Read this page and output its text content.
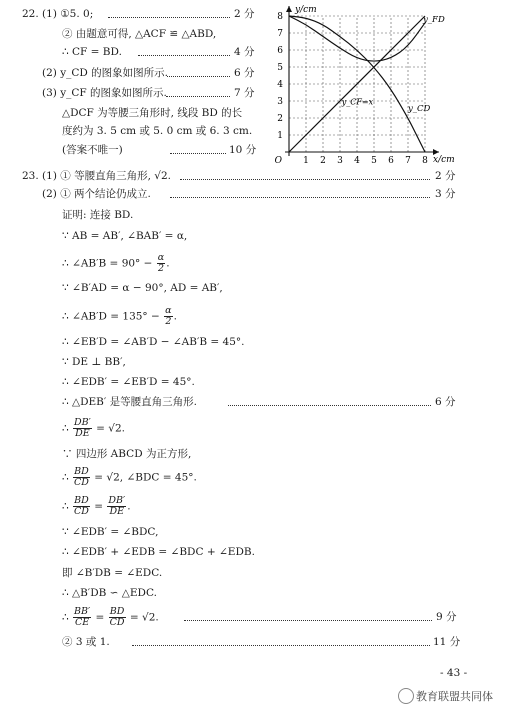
22. (1) ①5. 0;	2 分
② 由题意可得, △ACF ≌ △ABD,
∴ CF = BD.	4 分
(2) y_CD 的图象如图所示.	6 分
(3) y_CF 的图象如图所示.	7 分
△DCF 为等腰三角形时, 线段 BD 的长
度约为 3. 5 cm 或 5. 0 cm 或 6. 3 cm.
(答案不唯一)	10 分
1 2 3 4 5 6 7 8
1
2
3
4
5
6
7
8
O
y/cm
x/cm
y_FD
y_CF=x
y_CD
23. (1) ① 等腰直角三角形, √2.	2 分
(2) ① 两个结论仍成立.	3 分
证明: 连接 BD.
∵ AB = AB′, ∠BAB′ = α,
∴ ∠AB′B = $90^\circ - \frac{\alpha}{2}$ .
∵ ∠B′AD = α − 90°, AD = AB′,
∴ ∠AB′D = $135^\circ - \frac{\alpha}{2}$ .
∴ ∠EB′D = ∠AB′D − ∠AB′B = 45°.
∵ DE ⊥ BB′,
∴ ∠EDB′ = ∠EB′D = 45°.
∴ △DEB′ 是等腰直角三角形.	6 分
∴ $\frac{DB'}{DE} = √2$.
∵ 四边形 ABCD 为正方形,
∴ $\frac{BD}{CD} = √2$, ∠BDC = 45°.
∴ $\frac{BD}{CD} = \frac{DB'}{DE}$ .
∵ ∠EDB′ = ∠BDC,
∴ ∠EDB′ + ∠EDB = ∠BDC + ∠EDB.
即 ∠B′DB = ∠EDC.
∴ △B′DB ∽ △EDC.
∴ $\frac{BB'}{CE} = \frac{BD}{CD} = √2$.	9 分
② 3 或 1.	11 分
- 43 -
教育联盟共同体
